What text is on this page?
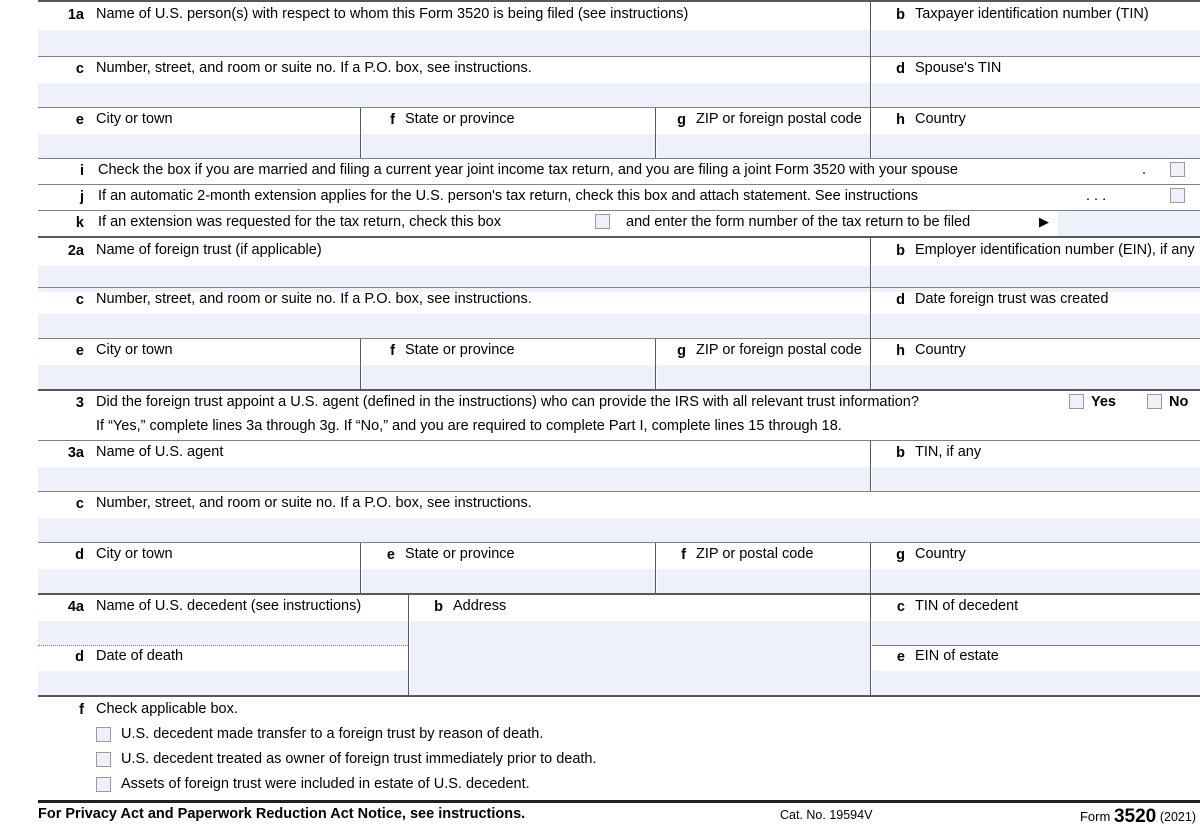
1a Name of U.S. person(s) with respect to whom this Form 3520 is being filed (see instructions)	b Taxpayer identification number (TIN)
c Number, street, and room or suite no. If a P.O. box, see instructions.	d Spouse's TIN
e City or town	f State or province	g ZIP or foreign postal code	h Country
i Check the box if you are married and filing a current year joint income tax return, and you are filing a joint Form 3520 with your spouse	.
j If an automatic 2-month extension applies for the U.S. person's tax return, check this box and attach statement. See instructions	. . .
k If an extension was requested for the tax return, check this box	and enter the form number of the tax return to be filed	▶
2a Name of foreign trust (if applicable)	b Employer identification number (EIN), if any
c Number, street, and room or suite no. If a P.O. box, see instructions.	d Date foreign trust was created
e City or town	f State or province	g ZIP or foreign postal code	h Country
3 Did the foreign trust appoint a U.S. agent (defined in the instructions) who can provide the IRS with all relevant trust information?	Yes	No
If “Yes,” complete lines 3a through 3g. If “No,” and you are required to complete Part I, complete lines 15 through 18.
3a Name of U.S. agent	b TIN, if any
c Number, street, and room or suite no. If a P.O. box, see instructions.
d City or town	e State or province	f ZIP or postal code	g Country
4a Name of U.S. decedent (see instructions)
d Date of death
b Address	c TIN of decedent
e EIN of estate
f Check applicable box.
U.S. decedent made transfer to a foreign trust by reason of death.
U.S. decedent treated as owner of foreign trust immediately prior to death.
Assets of foreign trust were included in estate of U.S. decedent.
For Privacy Act and Paperwork Reduction Act Notice, see instructions.	Cat. No. 19594V	Form 3520 (2021)
